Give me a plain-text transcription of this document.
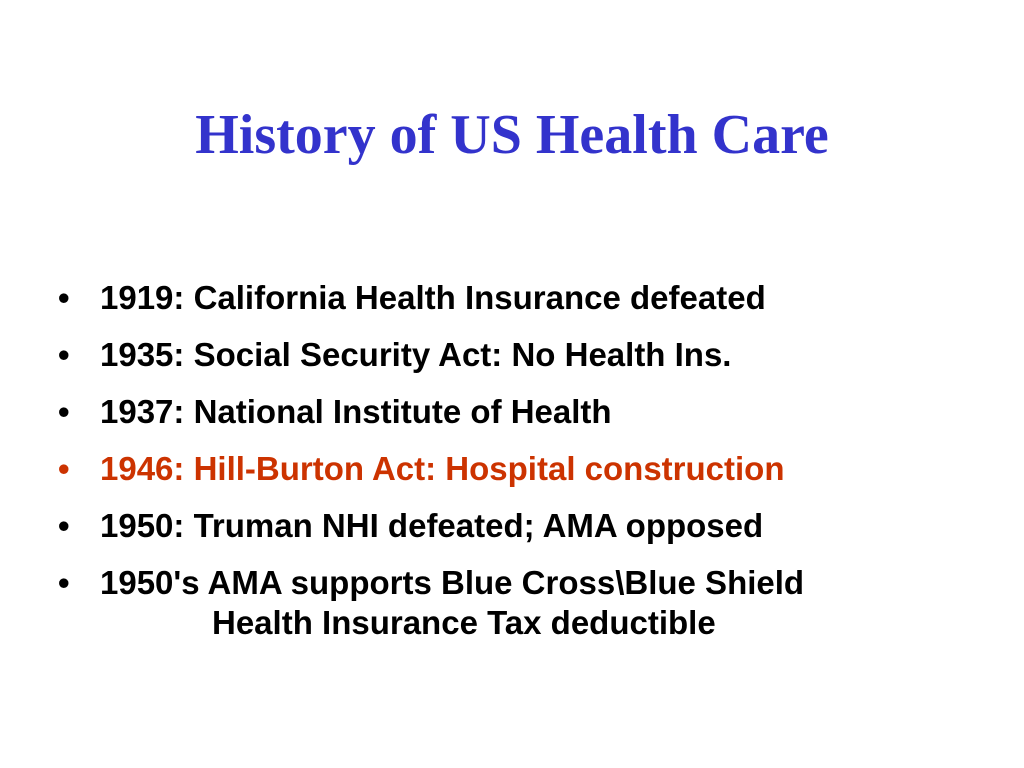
History of US Health Care
• 1919: California Health Insurance defeated
• 1935: Social Security Act: No Health Ins.
• 1937: National Institute of Health
• 1946: Hill-Burton Act: Hospital construction
• 1950: Truman NHI defeated; AMA opposed
• 1950's AMA supports Blue Cross\Blue Shield
Health Insurance Tax deductible
